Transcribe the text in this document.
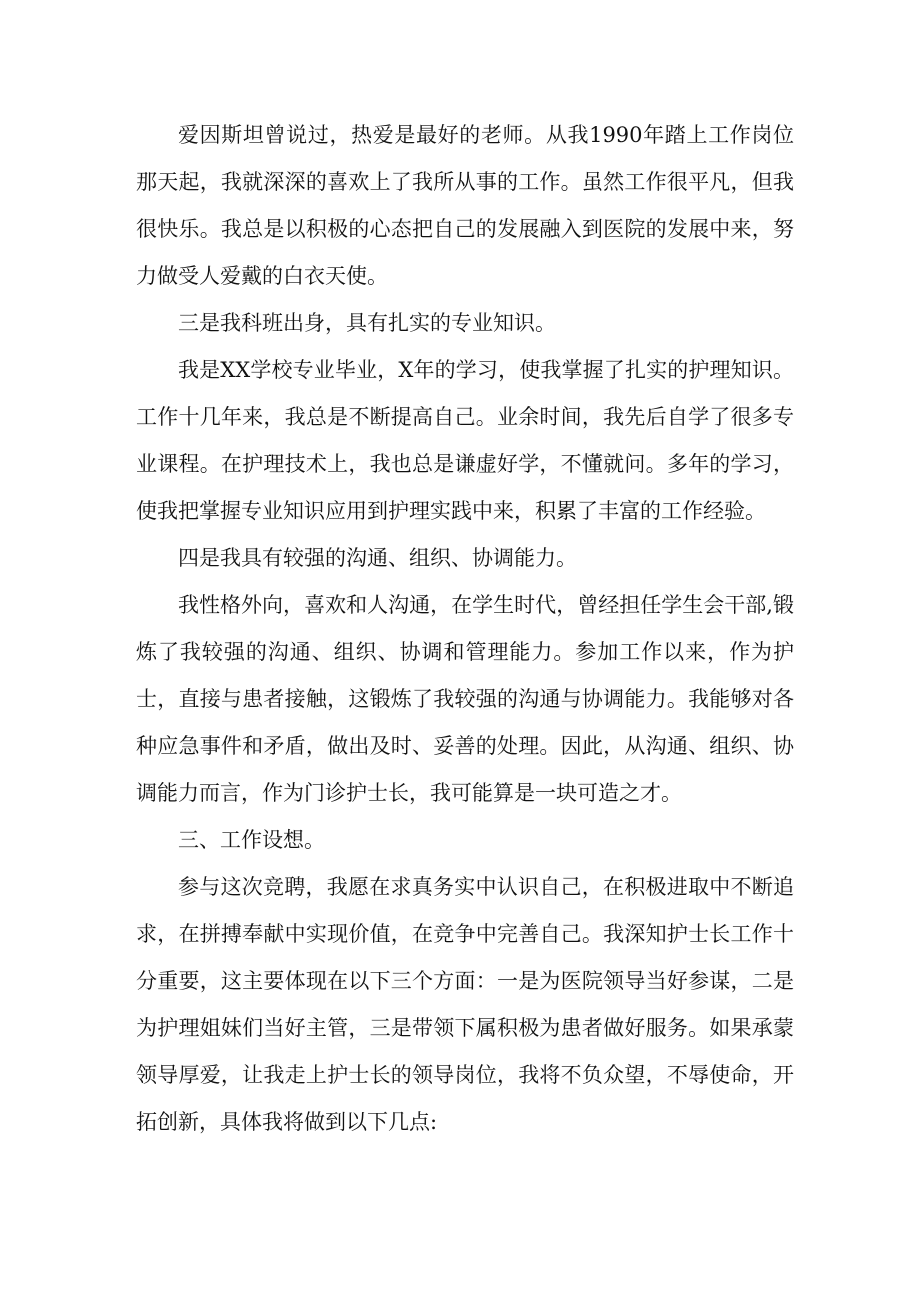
爱因斯坦曾说过，热爱是最好的老师。从我1990年踏上工作岗位那天起，我就深深的喜欢上了我所从事的工作。虽然工作很平凡，但我很快乐。我总是以积极的心态把自己的发展融入到医院的发展中来，努力做受人爱戴的白衣天使。

三是我科班出身，具有扎实的专业知识。

我是XX学校专业毕业，X年的学习，使我掌握了扎实的护理知识。工作十几年来，我总是不断提高自己。业余时间，我先后自学了很多专业课程。在护理技术上，我也总是谦虚好学，不懂就问。多年的学习，使我把掌握专业知识应用到护理实践中来，积累了丰富的工作经验。

四是我具有较强的沟通、组织、协调能力。

我性格外向，喜欢和人沟通，在学生时代，曾经担任学生会干部,锻炼了我较强的沟通、组织、协调和管理能力。参加工作以来，作为护士，直接与患者接触，这锻炼了我较强的沟通与协调能力。我能够对各种应急事件和矛盾，做出及时、妥善的处理。因此，从沟通、组织、协调能力而言，作为门诊护士长，我可能算是一块可造之才。

三、工作设想。

参与这次竞聘，我愿在求真务实中认识自己，在积极进取中不断追求，在拼搏奉献中实现价值，在竞争中完善自己。我深知护士长工作十分重要，这主要体现在以下三个方面：一是为医院领导当好参谋，二是为护理姐妹们当好主管，三是带领下属积极为患者做好服务。如果承蒙领导厚爱，让我走上护士长的领导岗位，我将不负众望，不辱使命，开拓创新，具体我将做到以下几点:
